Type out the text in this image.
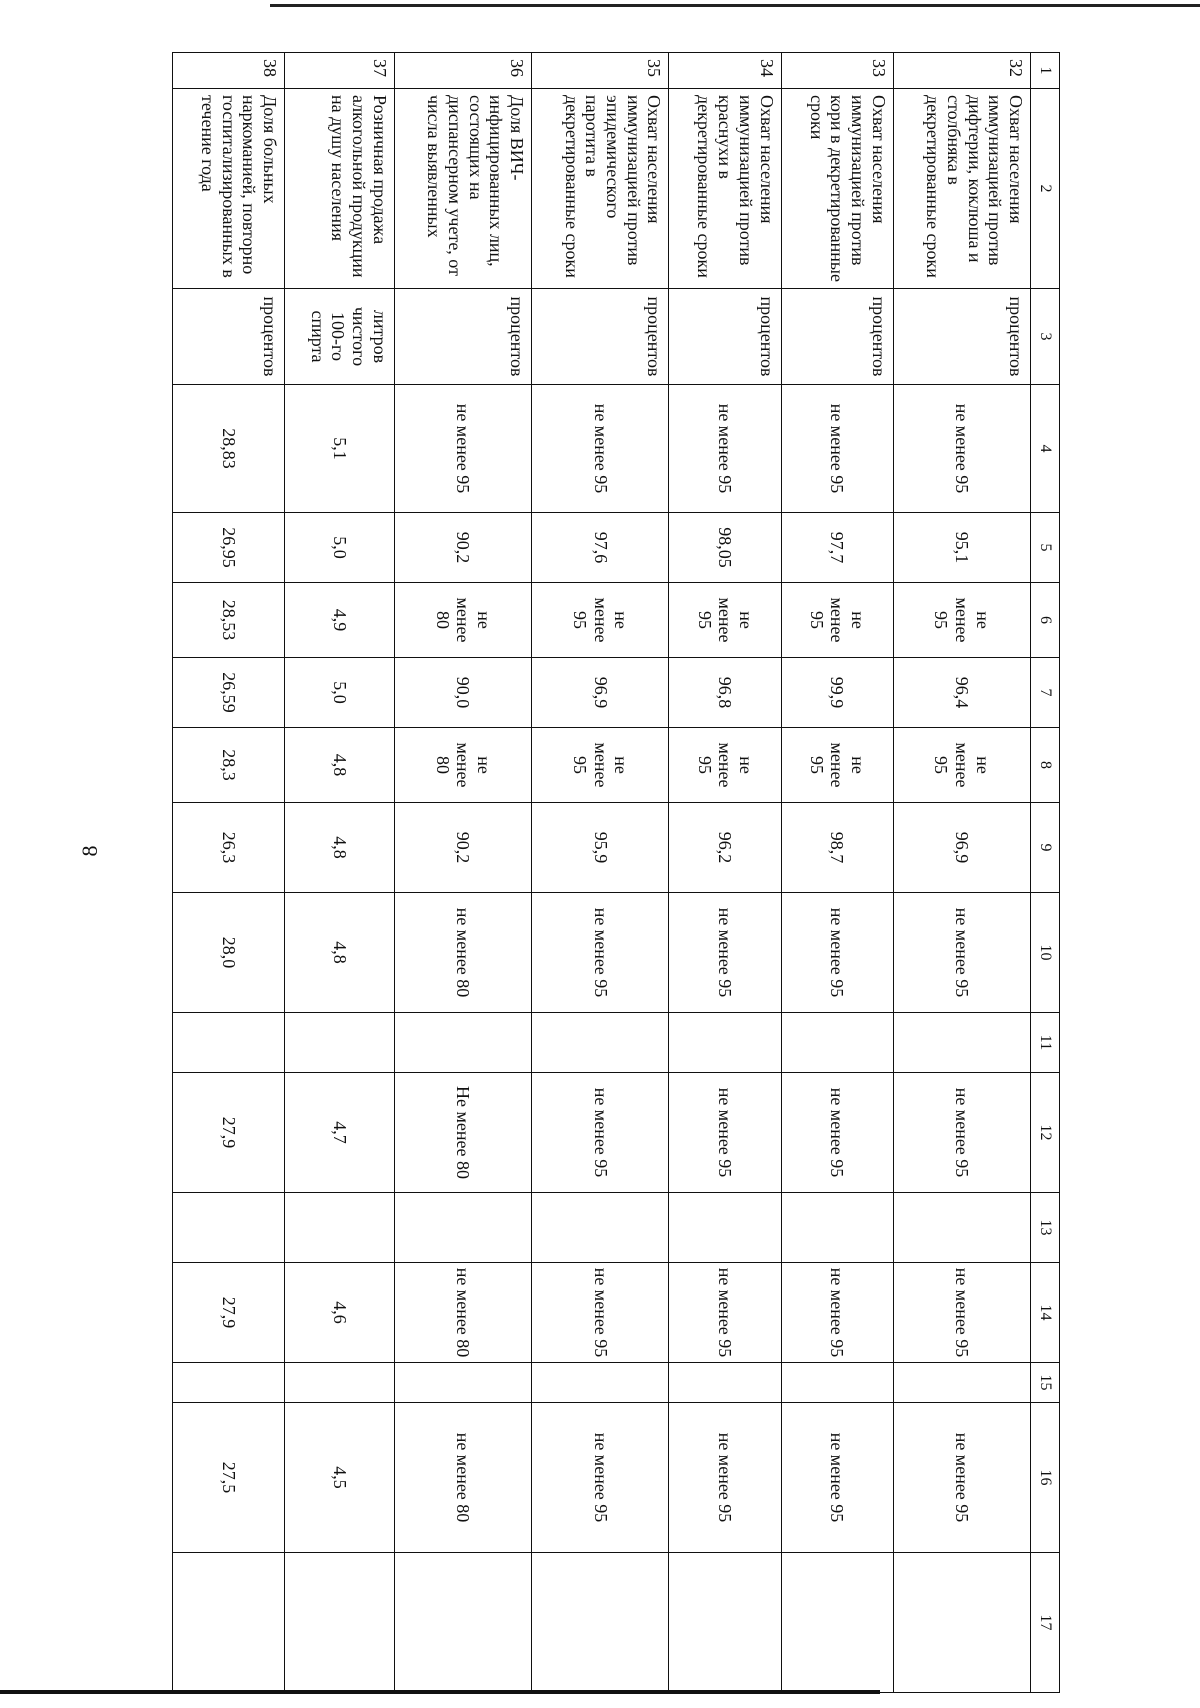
8
1	2	3	4	5	6	7	8	9	10	11	12	13	14	15	16	17
32	Охват населения иммунизацией против дифтерии, коклюша и столбняка в декретированные сроки	процентов	не менее 95	95,1	не менее 95	96,4	не менее 95	96,9	не менее 95		не менее 95		не менее 95		не менее 95	
33	Охват населения иммунизацией против кори в декретированные сроки	процентов	не менее 95	97,7	не менее 95	99,9	не менее 95	98,7	не менее 95		не менее 95		не менее 95		не менее 95	
34	Охват населения иммунизацией против краснухи в декретированные сроки	процентов	не менее 95	98,05	не менее 95	96,8	не менее 95	96,2	не менее 95		не менее 95		не менее 95		не менее 95	
35	Охват населения иммунизацией против эпидемического паротита в декретированные сроки	процентов	не менее 95	97,6	не менее 95	96,9	не менее 95	95,9	не менее 95		не менее 95		не менее 95		не менее 95	
36	Доля ВИЧ-инфицированных лиц, состоящих на диспансерном учете, от числа выявленных	процентов	не менее 95	90,2	не менее 80	90,0	не менее 80	90,2	не менее 80		Не менее 80		не менее 80		не менее 80	
37	Розничная продажа алкогольной продукции на душу населения	литров чистого 100-го спирта	5,1	5,0	4,9	5,0	4,8	4,8	4,8		4,7		4,6		4,5	
38	Доля больных наркоманией, повторно госпитализированных в течение года	процентов	28,83	26,95	28,53	26,59	28,3	26,3	28,0		27,9		27,9		27,5	
